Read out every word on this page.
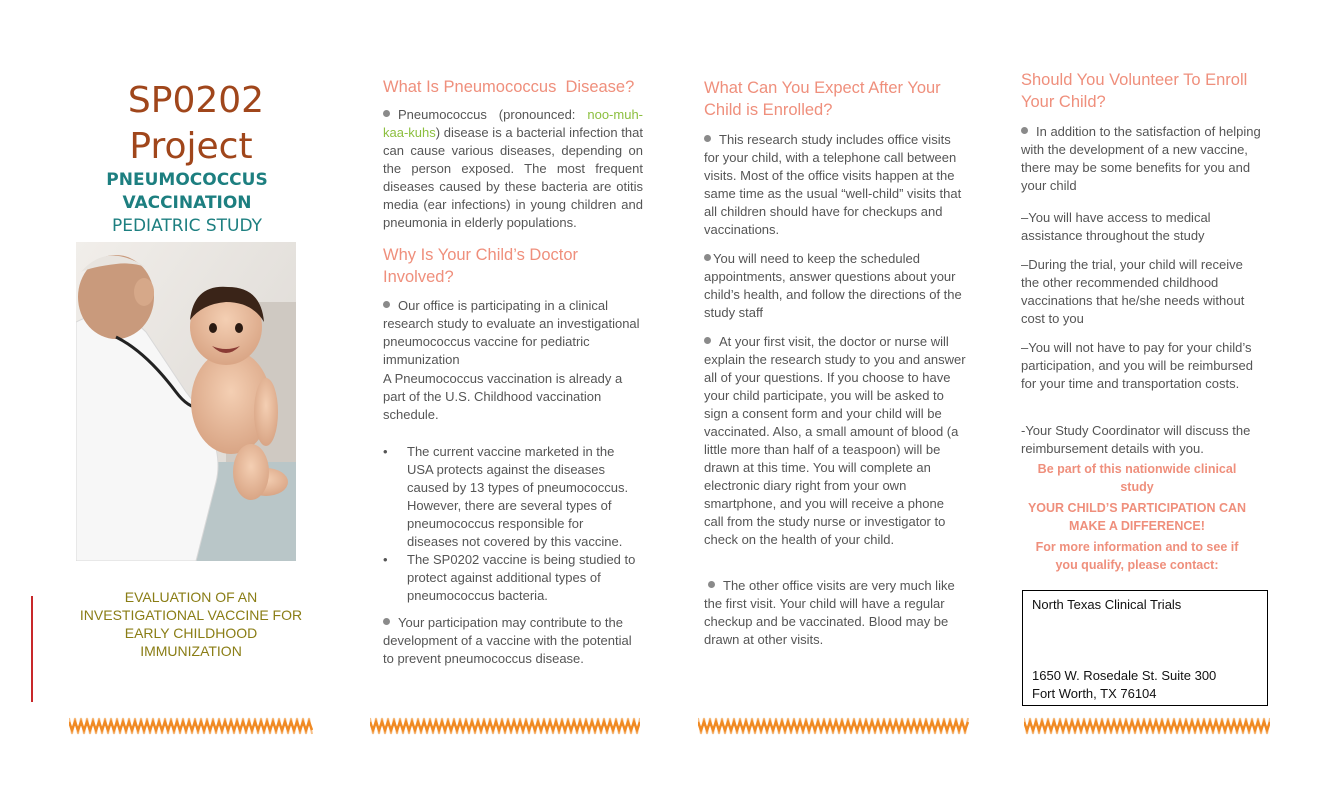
SP0202
Project
PNEUMOCOCCUS
VACCINATION
PEDIATRIC STUDY
EVALUATION OF AN
INVESTIGATIONAL VACCINE FOR
EARLY CHILDHOOD
IMMUNIZATION
What Is Pneumococcus  Disease?
Pneumococcus (pronounced: noo-muh-kaa-kuhs) disease is a bacterial infection that can cause various diseases, depending on the person exposed. The most frequent diseases caused by these bacteria are otitis media (ear infections) in young children and pneumonia in elderly populations.
Why Is Your Child’s Doctor Involved?
Our office is participating in a clinical research study to evaluate an investigational pneumococcus vaccine for pediatric immunization
A Pneumococcus vaccination is already a part of the U.S. Childhood vaccination schedule.
• The current vaccine marketed in the USA protects against the diseases caused by 13 types of pneumococcus. However, there are several types of pneumococcus responsible for diseases not covered by this vaccine.
• The SP0202 vaccine is being studied to protect against additional types of pneumococcus bacteria.
Your participation may contribute to the development of a vaccine with the potential to prevent pneumococcus disease.
What Can You Expect After Your Child is Enrolled?
This research study includes office visits for your child, with a telephone call between visits. Most of the office visits happen at the same time as the usual “well-child” visits that all children should have for checkups and vaccinations.
You will need to keep the scheduled appointments, answer questions about your child’s health, and follow the directions of the study staff
At your first visit, the doctor or nurse will explain the research study to you and answer all of your questions. If you choose to have your child participate, you will be asked to sign a consent form and your child will be vaccinated. Also, a small amount of blood (a little more than half of a teaspoon) will be drawn at this time. You will complete an electronic diary right from your own smartphone, and you will receive a phone call from the study nurse or investigator to check on the health of your child.
The other office visits are very much like the first visit. Your child will have a regular checkup and be vaccinated. Blood may be drawn at other visits.
Should You Volunteer To Enroll Your Child?
In addition to the satisfaction of helping with the development of a new vaccine, there may be some benefits for you and your child
–You will have access to medical assistance throughout the study
–During the trial, your child will receive the other recommended childhood vaccinations that he/she needs without cost to you
–You will not have to pay for your child’s participation, and you will be reimbursed for your time and transportation costs.
-Your Study Coordinator will discuss the reimbursement details with you.
Be part of this nationwide clinical study
YOUR CHILD’S PARTICIPATION CAN MAKE A DIFFERENCE!
For more information and to see if you qualify, please contact:
North Texas Clinical Trials
1650 W. Rosedale St. Suite 300
Fort Worth, TX 76104
